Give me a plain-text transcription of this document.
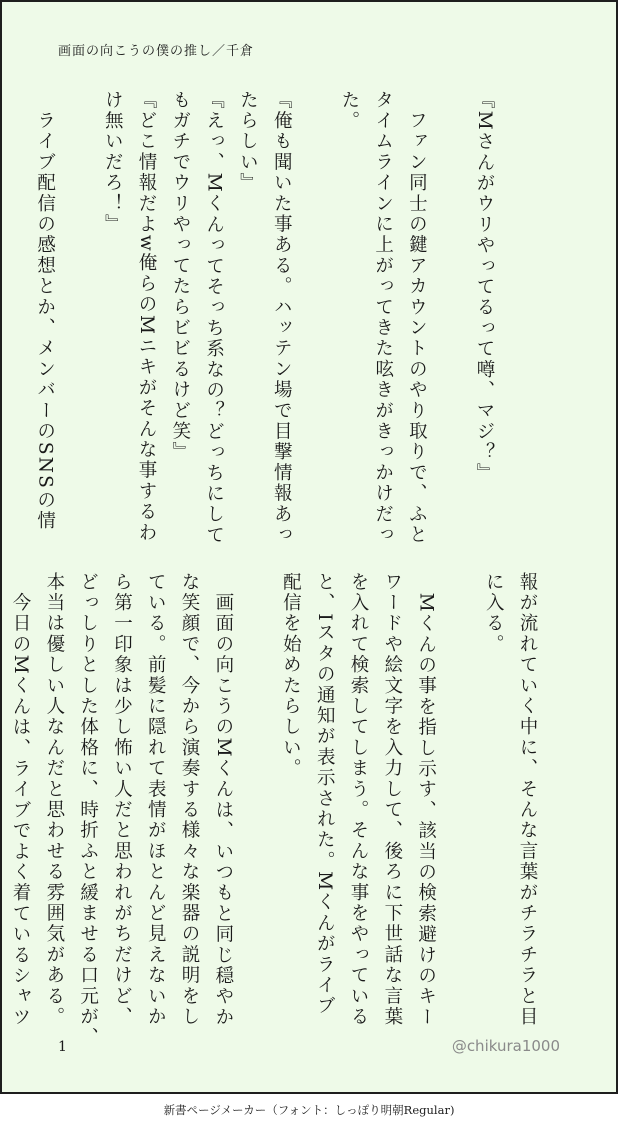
画面の向こうの僕の推し／千倉
『Mさんがウリやってるって噂、マジ？』

　ファン同士の鍵アカウントのやり取りで、ふと
タイムラインに上がってきた呟きがきっかけだっ
た。

『俺も聞いた事ある。ハッテン場で目撃情報あっ
たらしい』
『えっ、Mくんってそっち系なの？どっちにして
もガチでウリやってたらビビるけど笑』
『どこ情報だよw俺らのMニキがそんな事するわ
け無いだろ！』

　ライブ配信の感想とか、メンバーのSNSの情
報が流れていく中に、そんな言葉がチラチラと目
に入る。

　Mくんの事を指し示す、該当の検索避けのキー
ワードや絵文字を入力して、後ろに下世話な言葉
を入れて検索してしまう。そんな事をやっている
と、Iスタの通知が表示された。Mくんがライブ
配信を始めたらしい。

　画面の向こうのMくんは、いつもと同じ穏やか
な笑顔で、今から演奏する様々な楽器の説明をし
ている。前髪に隠れて表情がほとんど見えないか
ら第一印象は少し怖い人だと思われがちだけど、
どっしりとした体格に、時折ふと緩ませる口元が、
本当は優しい人なんだと思わせる雰囲気がある。
　今日のMくんは、ライブでよく着ているシャツ
1	@chikura1000
新書ページメーカー（フォント：しっぽり明朝Regular)
